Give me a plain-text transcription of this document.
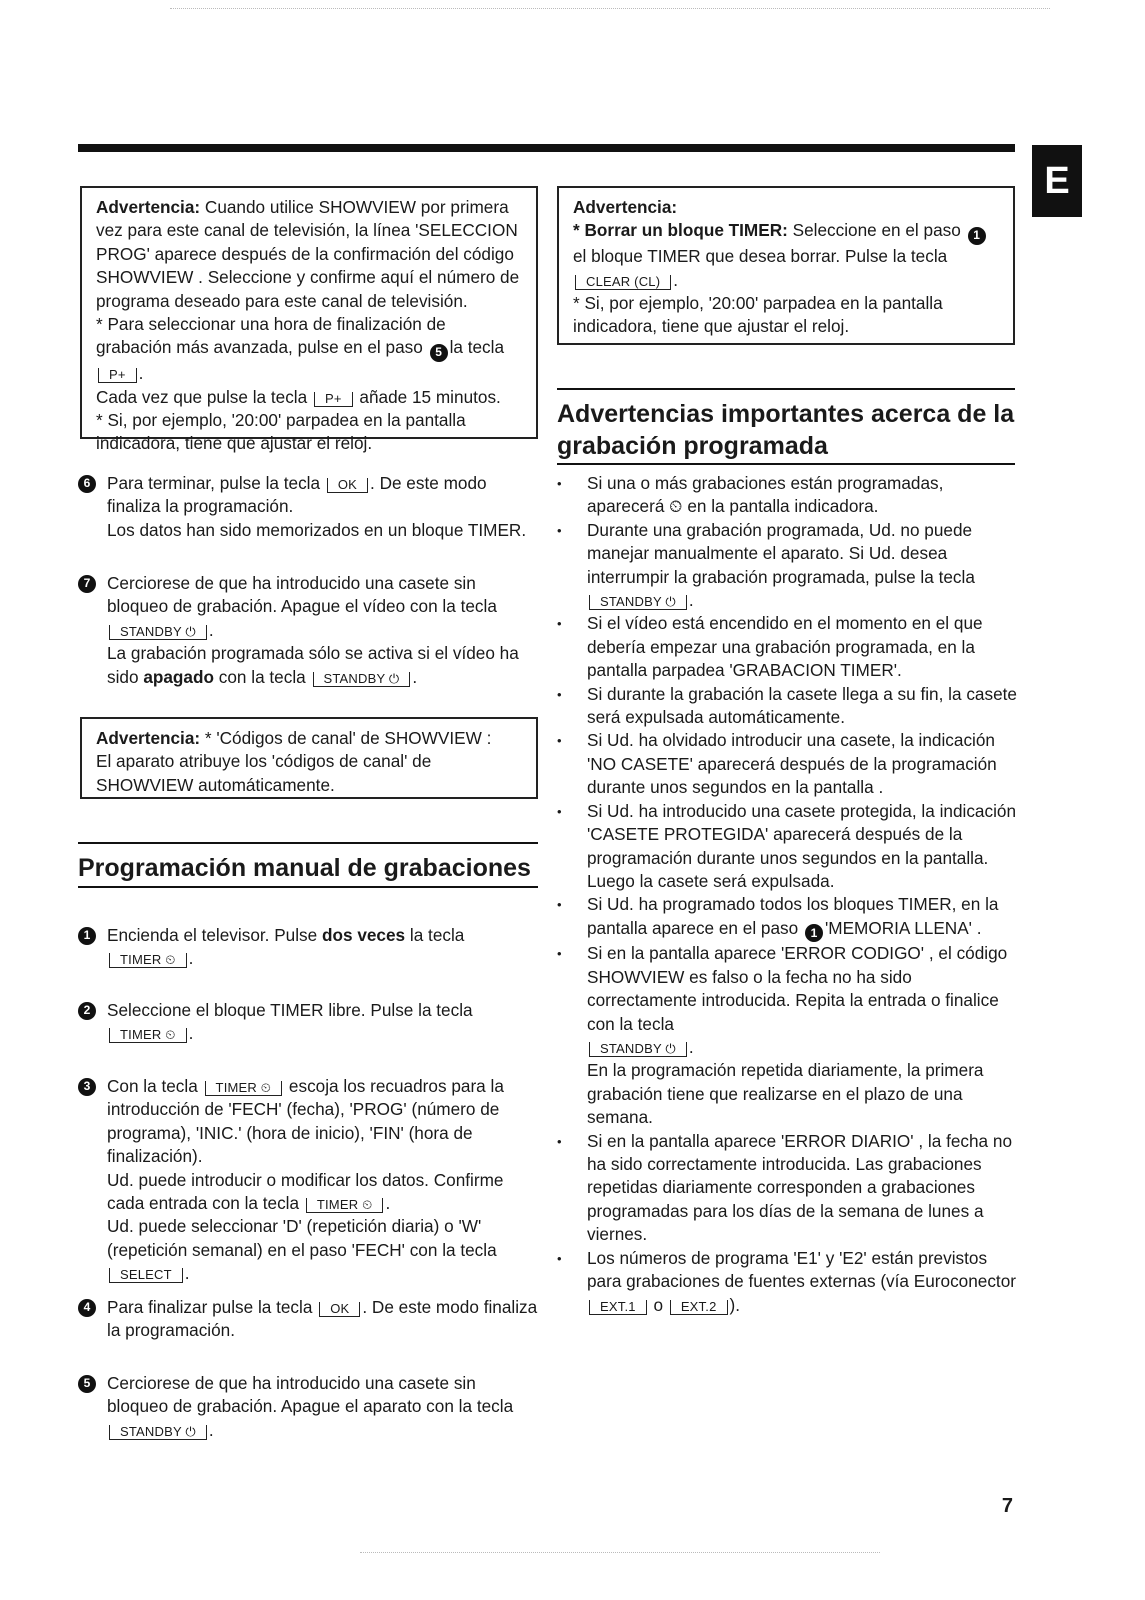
E

Advertencia: Cuando utilice SHOWVIEW por primera vez para este canal de televisión, la línea 'SELECCION PROG' aparece después de la confirmación del código SHOWVIEW . Seleccione y confirme aquí el número de programa deseado para este canal de televisión.

* Para seleccionar una hora de finalización de grabación más avanzada, pulse en el paso 5 la tecla P+ .

Cada vez que pulse la tecla P+ añade 15 minutos.

* Si, por ejemplo, '20:00' parpadea en la pantalla indicadora, tiene que ajustar el reloj.

6 Para terminar, pulse la tecla OK . De este modo finaliza la programación.

Los datos han sido memorizados en un bloque TIMER.

7 Cerciorese de que ha introducido una casete sin bloqueo de grabación. Apague el vídeo con la tecla STANDBY ⏻ .

La grabación programada sólo se activa si el vídeo ha sido apagado con la tecla STANDBY ⏻ .

Advertencia: * 'Códigos de canal' de SHOWVIEW :

El aparato atribuye los 'códigos de canal' de SHOWVIEW automáticamente.

Programación manual de grabaciones
1 Encienda el televisor. Pulse dos veces la tecla

TIMER ⏲ .

2 Seleccione el bloque TIMER libre. Pulse la tecla

TIMER ⏲ .

3 Con la tecla TIMER ⏲ escoja los recuadros para la introducción de 'FECH' (fecha), 'PROG' (número de programa), 'INIC.' (hora de inicio), 'FIN' (hora de finalización).

Ud. puede introducir o modificar los datos. Confirme cada entrada con la tecla TIMER ⏲ .

Ud. puede seleccionar 'D' (repetición diaria) o 'W' (repetición semanal) en el paso 'FECH' con la tecla SELECT .

4 Para finalizar pulse la tecla OK . De este modo finaliza la programación.

5 Cerciorese de que ha introducido una casete sin bloqueo de grabación. Apague el aparato con la tecla STANDBY ⏻ .

Advertencia:

* Borrar un bloque TIMER: Seleccione en el paso 1el bloque TIMER que desea borrar. Pulse la tecla

CLEAR (CL) .

* Si, por ejemplo, '20:00' parpadea en la pantalla indicadora, tiene que ajustar el reloj.

Advertencias importantes acerca de la grabación programada
• Si una o más grabaciones están programadas, aparecerá ⏲ en la pantalla indicadora.
• Durante una grabación programada, Ud. no puede manejar manualmente el aparato. Si Ud. desea interrumpir la grabación programada, pulse la tecla
STANDBY ⏻ .
• Si el vídeo está encendido en el momento en el que debería empezar una grabación programada, en la pantalla parpadea 'GRABACION TIMER'.
• Si durante la grabación la casete llega a su fin, la casete será expulsada automáticamente.
• Si Ud. ha olvidado introducir una casete, la indicación 'NO CASETE' aparecerá después de la programación durante unos segundos en la pantalla .
• Si Ud. ha introducido una casete protegida, la indicación 'CASETE PROTEGIDA' aparecerá después de la programación durante unos segundos en la pantalla.
Luego la casete será expulsada.
• Si Ud. ha programado todos los bloques TIMER, en la pantalla aparece en el paso 1 'MEMORIA LLENA' .
• Si en la pantalla aparece 'ERROR CODIGO' , el código SHOWVIEW es falso o la fecha no ha sido correctamente introducida. Repita la entrada o finalice con la tecla
STANDBY ⏻ .
En la programación repetida diariamente, la primera grabación tiene que realizarse en el plazo de una semana.
• Si en la pantalla aparece 'ERROR DIARIO' , la fecha no ha sido correctamente introducida. Las grabaciones repetidas diariamente corresponden a grabaciones programadas para los días de la semana de lunes a viernes.
• Los números de programa 'E1' y 'E2' están previstos para grabaciones de fuentes externas (vía Euroconector
EXT.1 o EXT.2 ).
7
